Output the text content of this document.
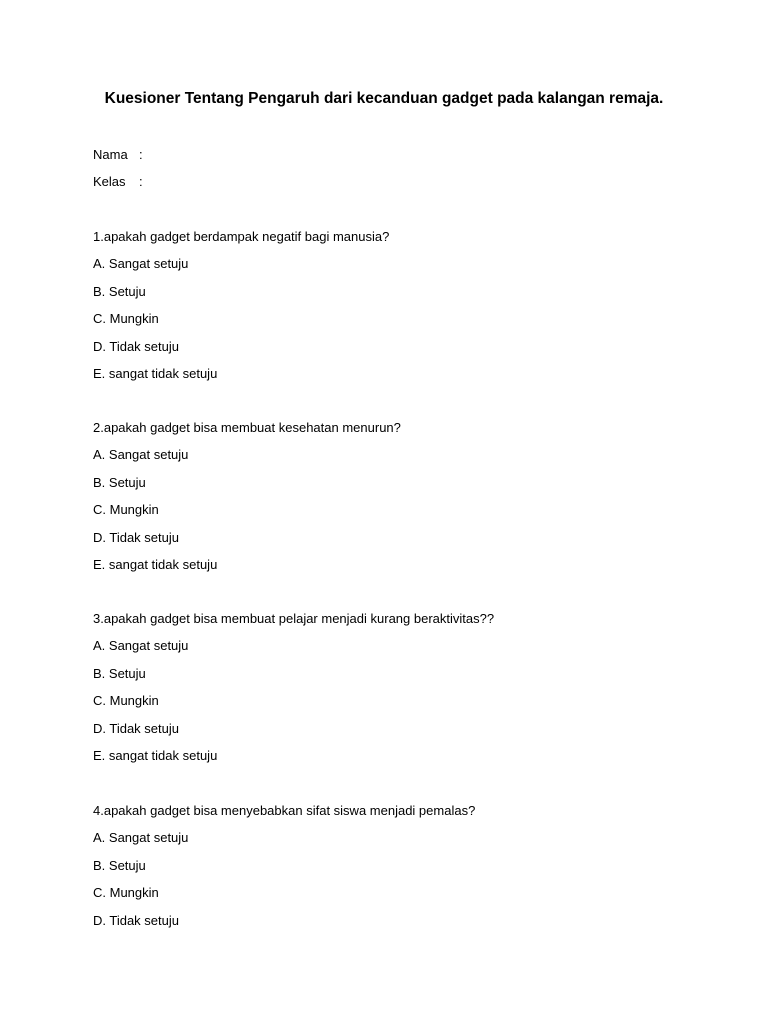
Kuesioner Tentang Pengaruh dari kecanduan gadget pada kalangan remaja.

Nama :

Kelas :

1.apakah gadget berdampak negatif bagi manusia?

A. Sangat setuju
B. Setuju
C. Mungkin
D. Tidak setuju
E. sangat tidak setuju

2.apakah gadget bisa membuat kesehatan menurun?

A. Sangat setuju
B. Setuju
C. Mungkin
D. Tidak setuju
E. sangat tidak setuju

3.apakah gadget bisa membuat pelajar menjadi kurang beraktivitas??

A. Sangat setuju
B. Setuju
C. Mungkin
D. Tidak setuju
E. sangat tidak setuju

4.apakah gadget bisa menyebabkan sifat siswa menjadi pemalas?

A. Sangat setuju
B. Setuju
C. Mungkin
D. Tidak setuju
